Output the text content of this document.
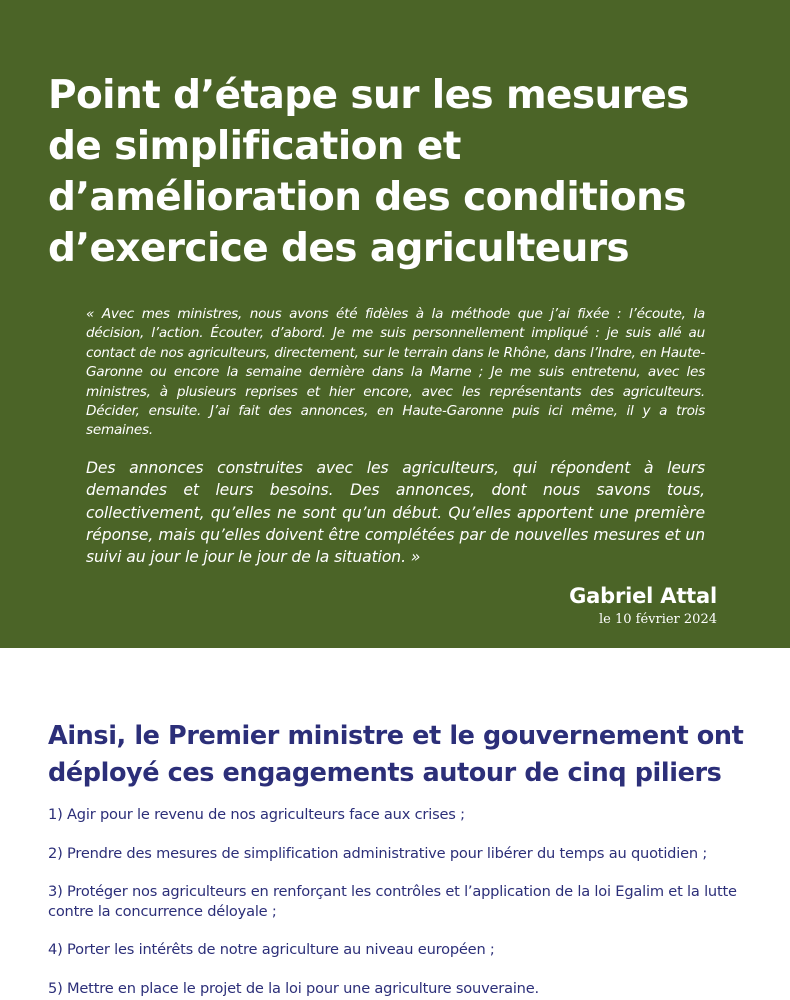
Point d’étape sur les mesures de simplification et d’amélioration des conditions d’exercice des agriculteurs

« Avec mes ministres, nous avons été fidèles à la méthode que j’ai fixée : l’écoute, la décision, l’action. Écouter, d’abord. Je me suis personnellement impliqué : je suis allé au contact de nos agriculteurs, directement, sur le terrain dans le Rhône, dans l’Indre, en Haute-Garonne ou encore la semaine dernière dans la Marne ; Je me suis entretenu, avec les ministres, à plusieurs reprises et hier encore, avec les représentants des agriculteurs. Décider, ensuite. J’ai fait des annonces, en Haute-Garonne puis ici même, il y a trois semaines.

Des annonces construites avec les agriculteurs, qui répondent à leurs demandes et leurs besoins. Des annonces, dont nous savons tous, collectivement, qu’elles ne sont qu’un début. Qu’elles apportent une première réponse, mais qu’elles doivent être complétées par de nouvelles mesures et un suivi au jour le jour le jour de la situation. »

Gabriel Attal
le 10 février 2024
Ainsi, le Premier ministre et le gouvernement ont déployé ces engagements autour de cinq piliers
1) Agir pour le revenu de nos agriculteurs face aux crises ;
2) Prendre des mesures de simplification administrative pour libérer du temps au quotidien ;
3) Protéger nos agriculteurs en renforçant les contrôles et l’application de la loi Egalim et la lutte contre la concurrence déloyale ;
4) Porter les intérêts de notre agriculture au niveau européen ;
5) Mettre en place le projet de la loi pour une agriculture souveraine.
